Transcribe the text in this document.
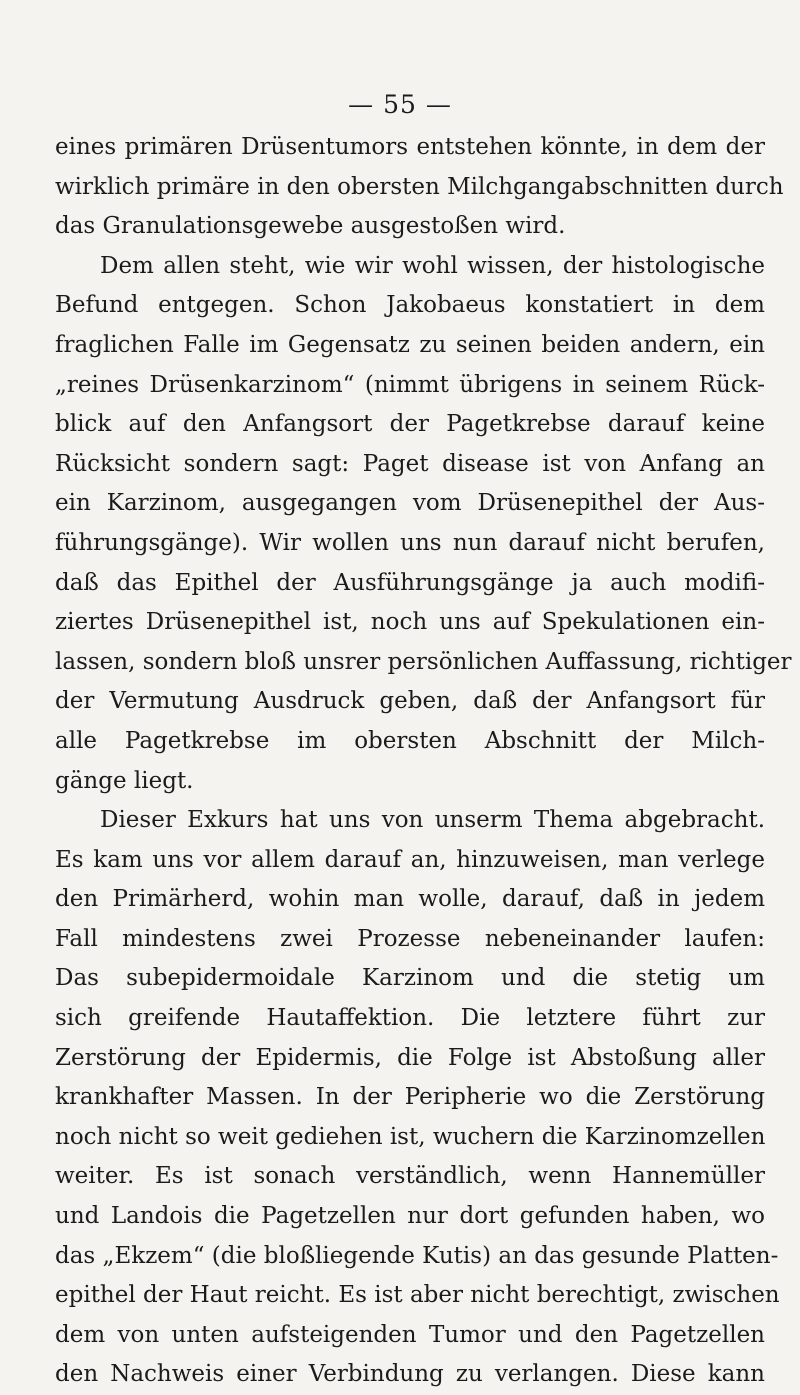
— 55 —
eines primären Drüsentumors entstehen könnte, in dem der
wirklich primäre in den obersten Milchgangabschnitten durch
das Granulationsgewebe ausgestoßen wird.
Dem allen steht, wie wir wohl wissen, der histologische
Befund entgegen. Schon Jakobaeus konstatiert in dem
fraglichen Falle im Gegensatz zu seinen beiden andern, ein
„reines Drüsenkarzinom“ (nimmt übrigens in seinem Rück-
blick auf den Anfangsort der Pagetkrebse darauf keine
Rücksicht sondern sagt: Paget disease ist von Anfang an
ein Karzinom, ausgegangen vom Drüsenepithel der Aus-
führungsgänge). Wir wollen uns nun darauf nicht berufen,
daß das Epithel der Ausführungsgänge ja auch modifi-
ziertes Drüsenepithel ist, noch uns auf Spekulationen ein-
lassen, sondern bloß unsrer persönlichen Auffassung, richtiger
der Vermutung Ausdruck geben, daß der Anfangsort für
alle Pagetkrebse im obersten Abschnitt der Milch-
gänge liegt.
Dieser Exkurs hat uns von unserm Thema abgebracht.
Es kam uns vor allem darauf an, hinzuweisen, man verlege
den Primärherd, wohin man wolle, darauf, daß in jedem
Fall mindestens zwei Prozesse nebeneinander laufen:
Das subepidermoidale Karzinom und die stetig um
sich greifende Hautaffektion. Die letztere führt zur
Zerstörung der Epidermis, die Folge ist Abstoßung aller
krankhafter Massen. In der Peripherie wo die Zerstörung
noch nicht so weit gediehen ist, wuchern die Karzinomzellen
weiter. Es ist sonach verständlich, wenn Hannemüller
und Landois die Pagetzellen nur dort gefunden haben, wo
das „Ekzem“ (die bloßliegende Kutis) an das gesunde Platten-
epithel der Haut reicht. Es ist aber nicht berechtigt, zwischen
dem von unten aufsteigenden Tumor und den Pagetzellen
den Nachweis einer Verbindung zu verlangen. Diese kann
